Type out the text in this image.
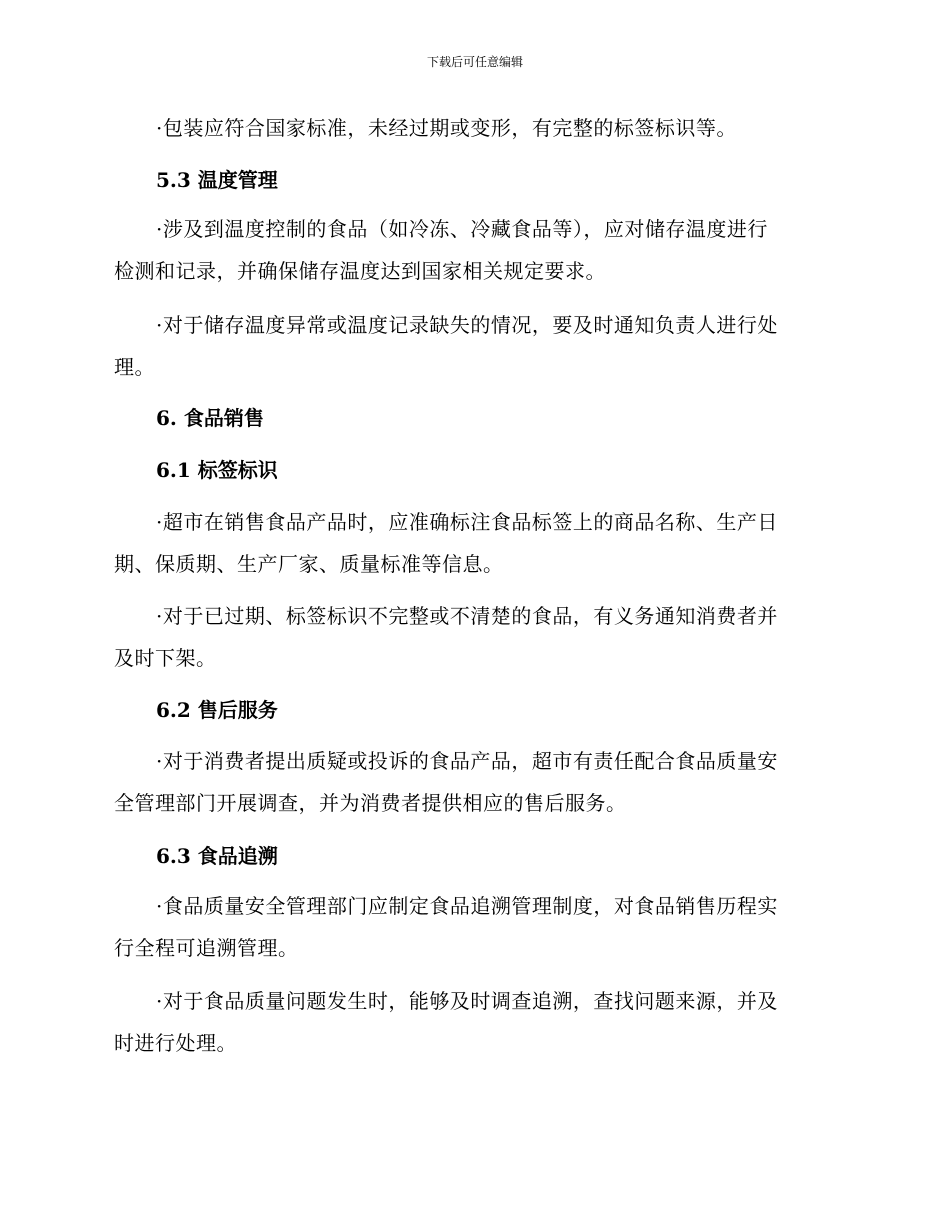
下载后可任意编辑
·包装应符合国家标准，未经过期或变形，有完整的标签标识等。
5.3 温度管理
·涉及到温度控制的食品（如冷冻、冷藏食品等），应对储存温度进行
检测和记录，并确保储存温度达到国家相关规定要求。
·对于储存温度异常或温度记录缺失的情况，要及时通知负责人进行处
理。
6. 食品销售
6.1 标签标识
·超市在销售食品产品时，应准确标注食品标签上的商品名称、生产日
期、保质期、生产厂家、质量标准等信息。
·对于已过期、标签标识不完整或不清楚的食品，有义务通知消费者并
及时下架。
6.2 售后服务
·对于消费者提出质疑或投诉的食品产品，超市有责任配合食品质量安
全管理部门开展调查，并为消费者提供相应的售后服务。
6.3 食品追溯
·食品质量安全管理部门应制定食品追溯管理制度，对食品销售历程实
行全程可追溯管理。
·对于食品质量问题发生时，能够及时调查追溯，查找问题来源，并及
时进行处理。
